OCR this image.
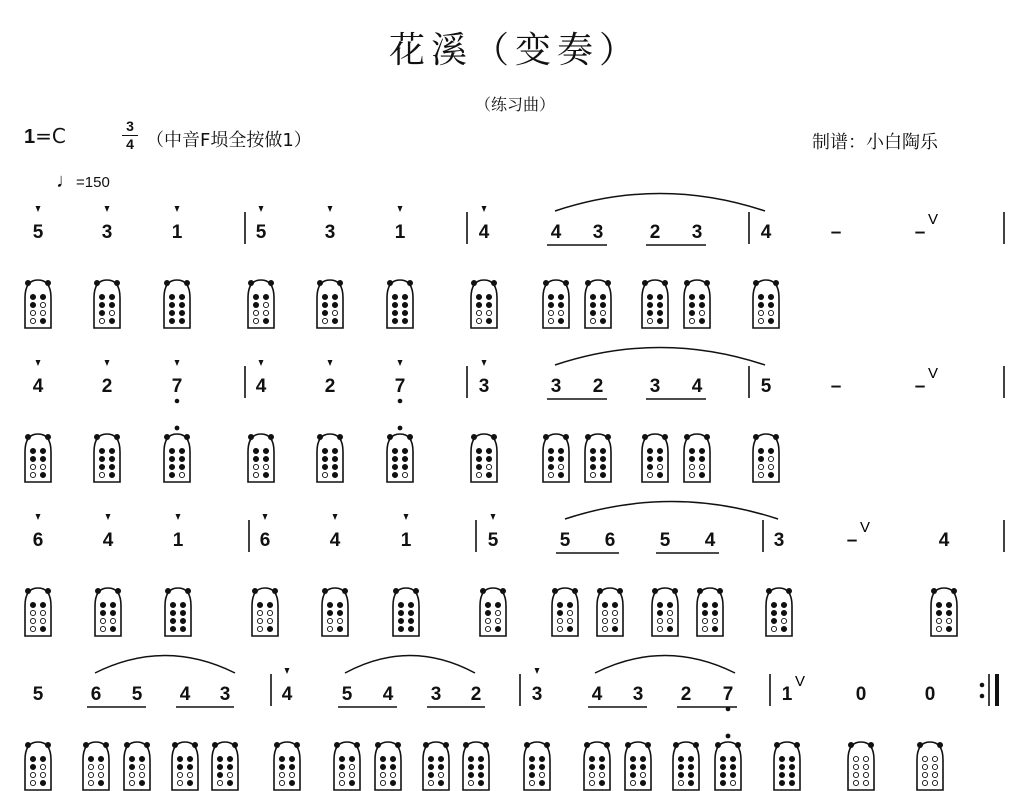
花溪（变奏）
（练习曲）
1=C	3
4 （中音F埙全按做1）	制谱：小白陶乐
♩=150
5	3	1	5	3	1	4	4 3 2 3	4	–	–
V
4	2	7	4	2	7	3	3 2 3 4	5	–	–
V
6	4	1	6	4	1	5	5 6 5 4	3	–
V
4
5 6 5 4 3	4	5 4 3 2	3	4 3 2 7	1
V
0	0
